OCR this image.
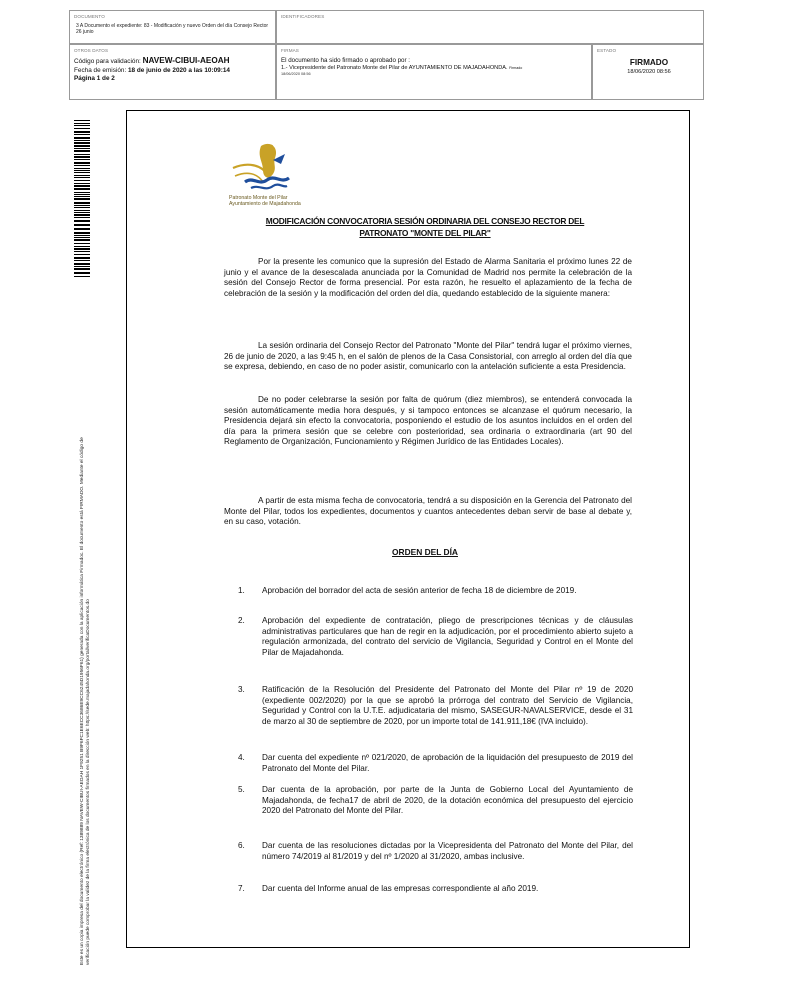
DOCUMENTO
3 A Documento el expediente: 83 - Modificación y nuevo Orden del día Consejo Rector 26 junio
IDENTIFICADORES
OTROS DATOS
Código para validación: NAVEW-CIBUI-AEOAH
Fecha de emisión: 18 de junio de 2020 a las 10:09:14
Página 1 de 2
FIRMAS
El documento ha sido firmado o aprobado por :
1.- Vicepresidente del Patronato Monte del Pilar de AYUNTAMIENTO DE MAJADAHONDA. Firmado
18/06/2020 08:56
ESTADO
FIRMADO
18/06/2020 08:56
Este es un copia impresa del documento electrónico (Ref: 1389889 NAVEW-CIBUI-AEOAH 1F9251 B9F6FC1E6ECC3686E9CC6245D1956F61) generada con la aplicación informática Firmadoc. El documento está FIRMADO. Mediante el código de verificación puede comprobar la validez de la firma electrónica de los documentos firmados en la dirección web: https://sede.majadahonda.org/portal/verificaDocumentos.do
Patronato Monte del Pilar
Ayuntamiento de Majadahonda
MODIFICACIÓN CONVOCATORIA SESIÓN ORDINARIA DEL CONSEJO RECTOR DEL
PATRONATO "MONTE DEL PILAR"
Por la presente les comunico que la supresión del Estado de Alarma Sanitaria el próximo lunes 22 de junio y el avance de la desescalada anunciada por la Comunidad de Madrid nos permite la celebración de la sesión del Consejo Rector de forma presencial. Por esta razón, he resuelto el aplazamiento de la fecha de celebración de la sesión y la modificación del orden del día, quedando establecido de la siguiente manera:
La sesión ordinaria del Consejo Rector del Patronato "Monte del Pilar" tendrá lugar el próximo viernes, 26 de junio de 2020, a las 9:45 h, en el salón de plenos de la Casa Consistorial, con arreglo al orden del día que se expresa, debiendo, en caso de no poder asistir, comunicarlo con la antelación suficiente a esta Presidencia.
De no poder celebrarse la sesión por falta de quórum (diez miembros), se entenderá convocada la sesión automáticamente media hora después, y si tampoco entonces se alcanzase el quórum necesario, la Presidencia dejará sin efecto la convocatoria, posponiendo el estudio de los asuntos incluidos en el orden del día para la primera sesión que se celebre con posterioridad, sea ordinaria o extraordinaria (art 90 del Reglamento de Organización, Funcionamiento y Régimen Jurídico de las Entidades Locales).
A partir de esta misma fecha de convocatoria, tendrá a su disposición en la Gerencia del Patronato del Monte del Pilar, todos los expedientes, documentos y cuantos antecedentes deban servir de base al debate y, en su caso, votación.
ORDEN DEL DÍA
1.	Aprobación del borrador del acta de sesión anterior de fecha 18 de diciembre de 2019.
2.	Aprobación del expediente de contratación, pliego de prescripciones técnicas y de cláusulas administrativas particulares que han de regir en la adjudicación, por el procedimiento abierto sujeto a regulación armonizada, del contrato del servicio de Vigilancia, Seguridad y Control en el Monte del Pilar de Majadahonda.
3.	Ratificación de la Resolución del Presidente del Patronato del Monte del Pilar nº 19 de 2020 (expediente 002/2020) por la que se aprobó la prórroga del contrato del Servicio de Vigilancia, Seguridad y Control con la U.T.E. adjudicataria del mismo, SASEGUR-NAVALSERVICE, desde el 31 de marzo al 30 de septiembre de 2020, por un importe total de 141.911,18€ (IVA incluido).
4.	Dar cuenta del expediente nº 021/2020, de aprobación de la liquidación del presupuesto de 2019 del Patronato del Monte del Pilar.
5.	Dar cuenta de la aprobación, por parte de la Junta de Gobierno Local del Ayuntamiento de Majadahonda, de fecha17 de abril de 2020, de la dotación económica del presupuesto del ejercicio 2020 del Patronato del Monte del Pilar.
6.	Dar cuenta de las resoluciones dictadas por la Vicepresidenta del Patronato del Monte del Pilar, del número 74/2019 al 81/2019 y del nº 1/2020 al 31/2020, ambas inclusive.
7.	Dar cuenta del Informe anual de las empresas correspondiente al año 2019.
